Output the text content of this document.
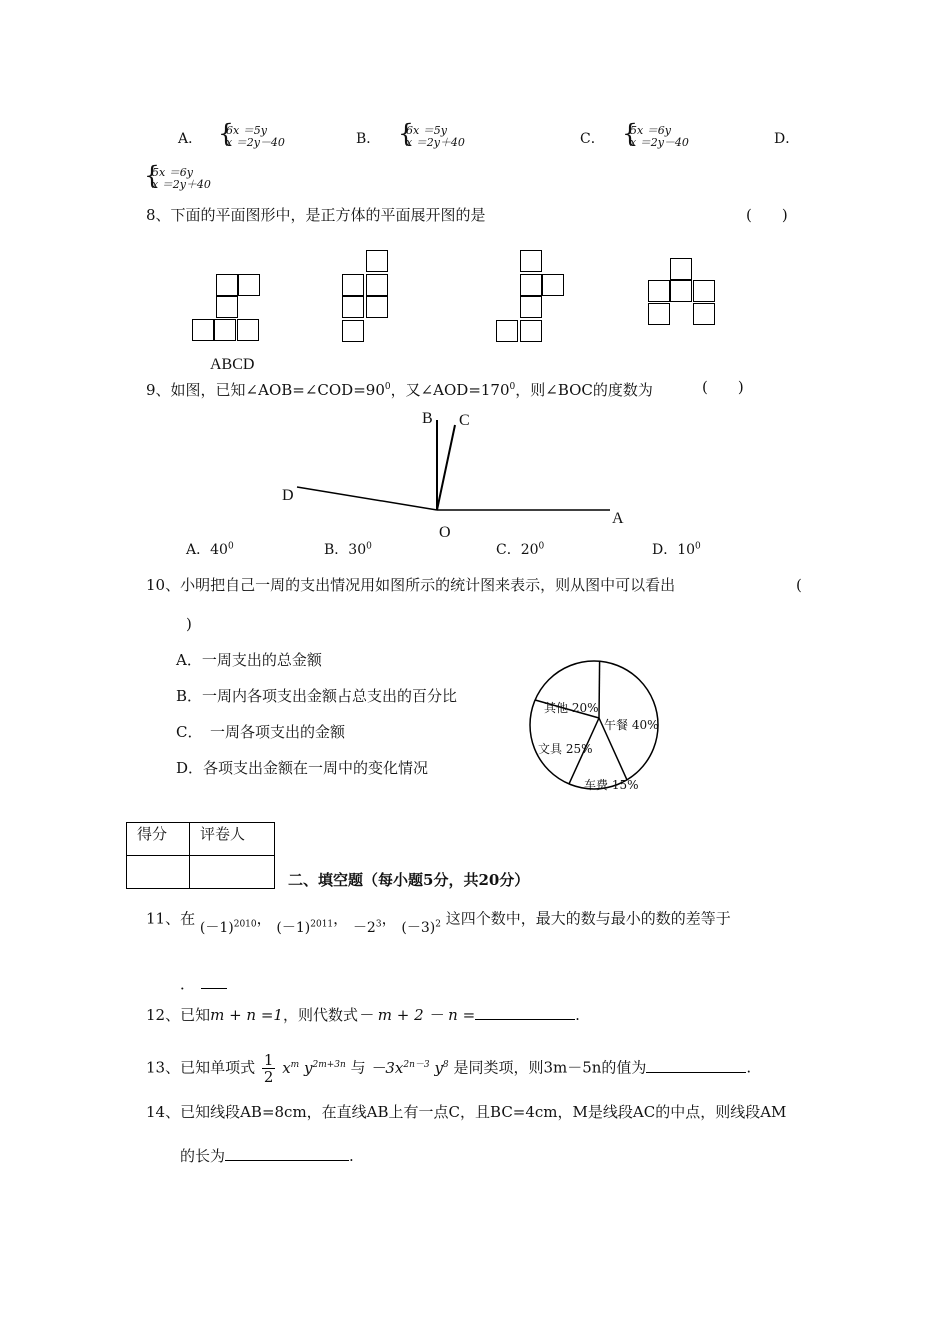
A． {
6x ＝5y
x ＝2y－40	B． {
6x ＝5y
x ＝2y＋40	C． {
5x ＝6y
x ＝2y－40	D．
{
5x ＝6y
x ＝2y＋40
8、下面的平面图形中，是正方体的平面展开图的是	(　　)
ABCD
9、如图，已知$\angle AOB=\angle COD=90^0$，又$\angle AOD=170^0$，则∠BOC的度数为	(　　)
B C
D
A
O
A．$40^0$	B．$30^0$	C．$20^0$	D．$10^0$
10、小明把自己一周的支出情况用如图所示的统计图来表示，则从图中可以看出	(
)
A．一周支出的总金额
B．一周内各项支出金额占总支出的百分比
C．　一周各项支出的金额
D．各项支出金额在一周中的变化情况
午餐 40%
车费 15%
文具 25%
其他 20%
得分	评卷人

二、填空题（每小题5分，共20分）
11、在 $(-1)^{2010}$， $(-1)^{2011}$， $-2^3$， $(-3)^2$ 这四个数中，最大的数与最小的数的差等于
．
12、已知m + n =1，则代数式－ m + 2 － n =	.
13、已知单项式 $\frac{1}{2} x^m$ $y^{2m+3n}$ 与 $-3x^{2n-3}$ $y^8$ 是同类项，则3m－5n的值为	.
14、已知线段AB=8cm，在直线AB上有一点C，且BC=4cm，M是线段AC的中点，则线段AM
的长为	.
